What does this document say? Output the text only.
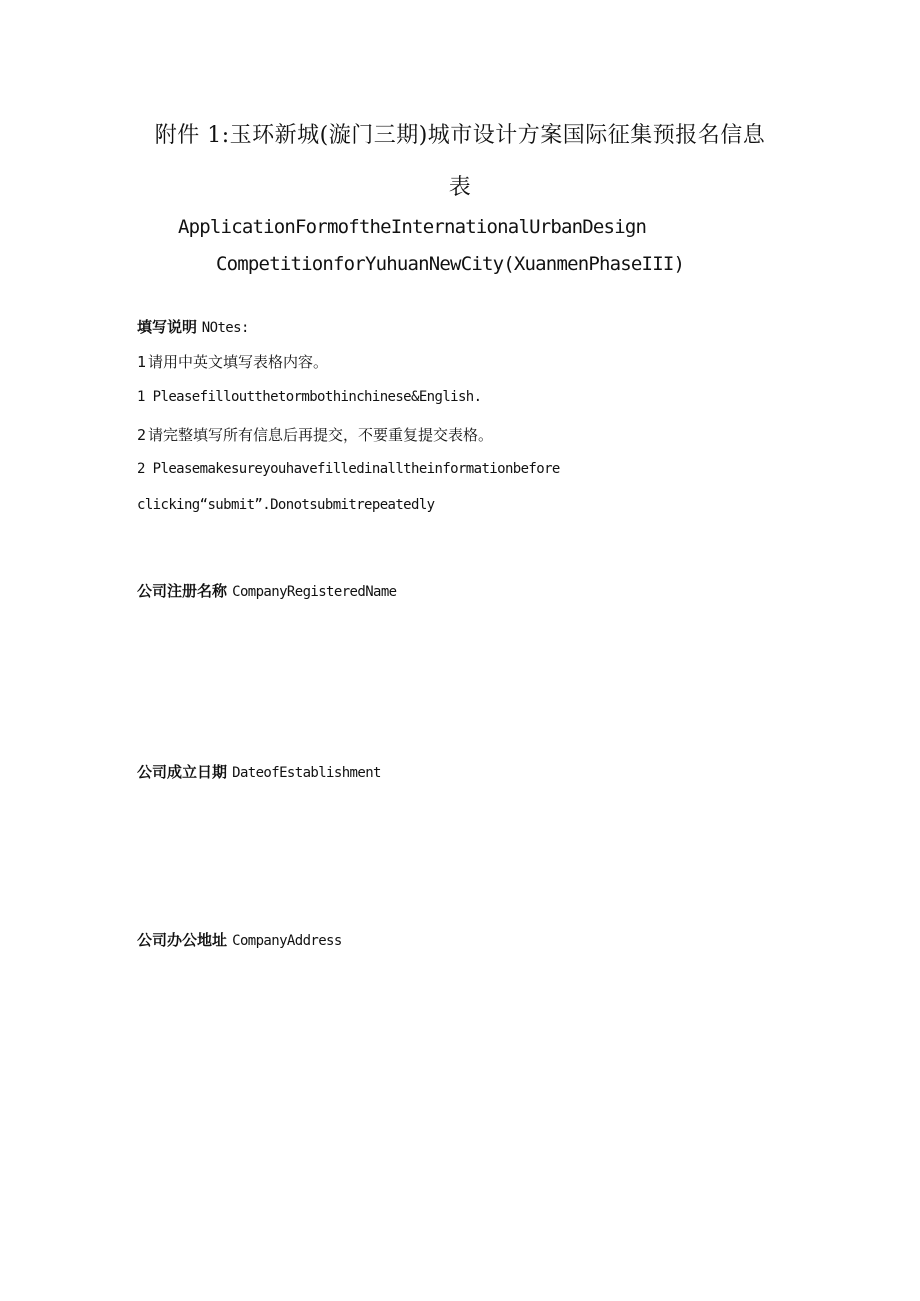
附件 1:玉环新城(漩门三期)城市设计方案国际征集预报名信息
表
ApplicationFormoftheInternationalUrbanDesign
CompetitionforYuhuanNewCity(XuanmenPhaseIII)
填写说明 NOtes:
1 请用中英文填写表格内容。
1 Pleasefilloutthetormbothinchinese&English.
2 请完整填写所有信息后再提交，不要重复提交表格。
2 Pleasemakesureyouhavefilledinalltheinformationbefore
clicking“submit”.Donotsubmitrepeatedly
公司注册名称 CompanyRegisteredName
公司成立日期 DateofEstablishment
公司办公地址 CompanyAddress
